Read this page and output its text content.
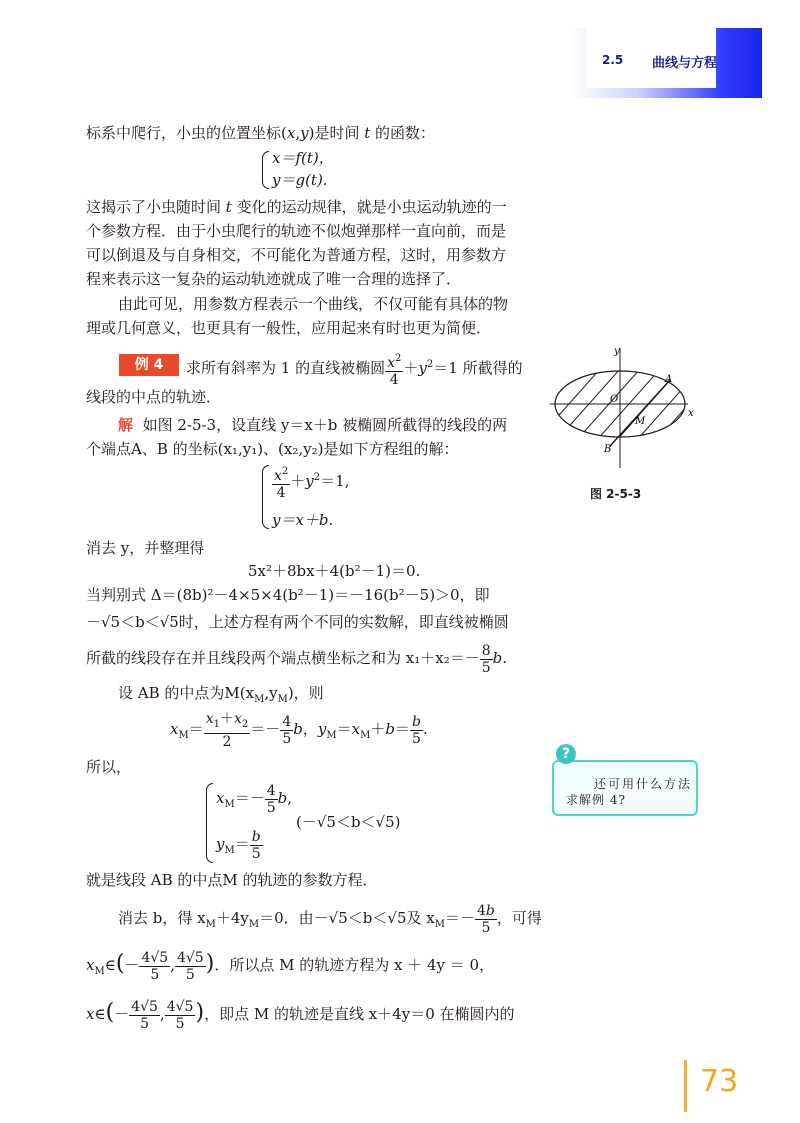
2.5 曲线与方程
标系中爬行，小虫的位置坐标(x,y)是时间 t 的函数：
x＝f(t)，
y＝g(t).
这揭示了小虫随时间 t 变化的运动规律，就是小虫运动轨迹的一
个参数方程．由于小虫爬行的轨迹不似炮弹那样一直向前，而是
可以倒退及与自身相交，不可能化为普通方程，这时，用参数方
程来表示这一复杂的运动轨迹就成了唯一合理的选择了．
由此可见，用参数方程表示一个曲线，不仅可能有具体的物
理或几何意义，也更具有一般性，应用起来有时也更为简便．
例 4	求所有斜率为 1 的直线被椭圆 $\frac{x^2}{4} +y^2=1$ 所截得的
线段的中点的轨迹．
解 如图 2-5-3，设直线 y＝x＋b 被椭圆所截得的线段的两
个端点A、B 的坐标(x₁,y₁)、(x₂,y₂)是如下方程组的解：
$\frac{x^2}{4} +y^2=1$,
y＝x＋b.
消去 y，并整理得
5x²＋8bx＋4(b²－1)＝0.
当判别式 Δ＝(8b)²－4×5×4(b²－1)＝－16(b²－5)＞0，即
－√5＜b＜√5时，上述方程有两个不同的实数解，即直线被椭圆
所截的线段存在并且线段两个端点横坐标之和为 $x_1+x_2=- \frac{8}{5} b$.
设 AB 的中点为$M(x_M,y_M)$，则
$x_M= \frac{x_1+x_2}{2} =- \frac{4}{5}$ b，$y_M=x_M+b= \frac{b}{5}$ .
所以，
$x_M=- \frac{4}{5} b$,
$y_M= \frac{b}{5}$
(－√5＜b＜√5)
就是线段 AB 的中点M 的轨迹的参数方程．
消去 b，得 $x_M+4y_M=0$．由－√5＜b＜√5及 $x_M=- \frac{4b}{5}$ ，可得
$x_M\in(- \frac{4√5}{5}$ , $\frac{4√5}{5}$ )．所以点 M 的轨迹方程为 x ＋ 4y ＝ 0，
x∈(－ $\frac{4√5}{5}$ , $\frac{4√5}{5}$ )，即点 M 的轨迹是直线 x＋4y＝0 在椭圆内的
y
x
O
A
B
M
图 2-5-3
?
还可用什么方法
求解例 4?
73
